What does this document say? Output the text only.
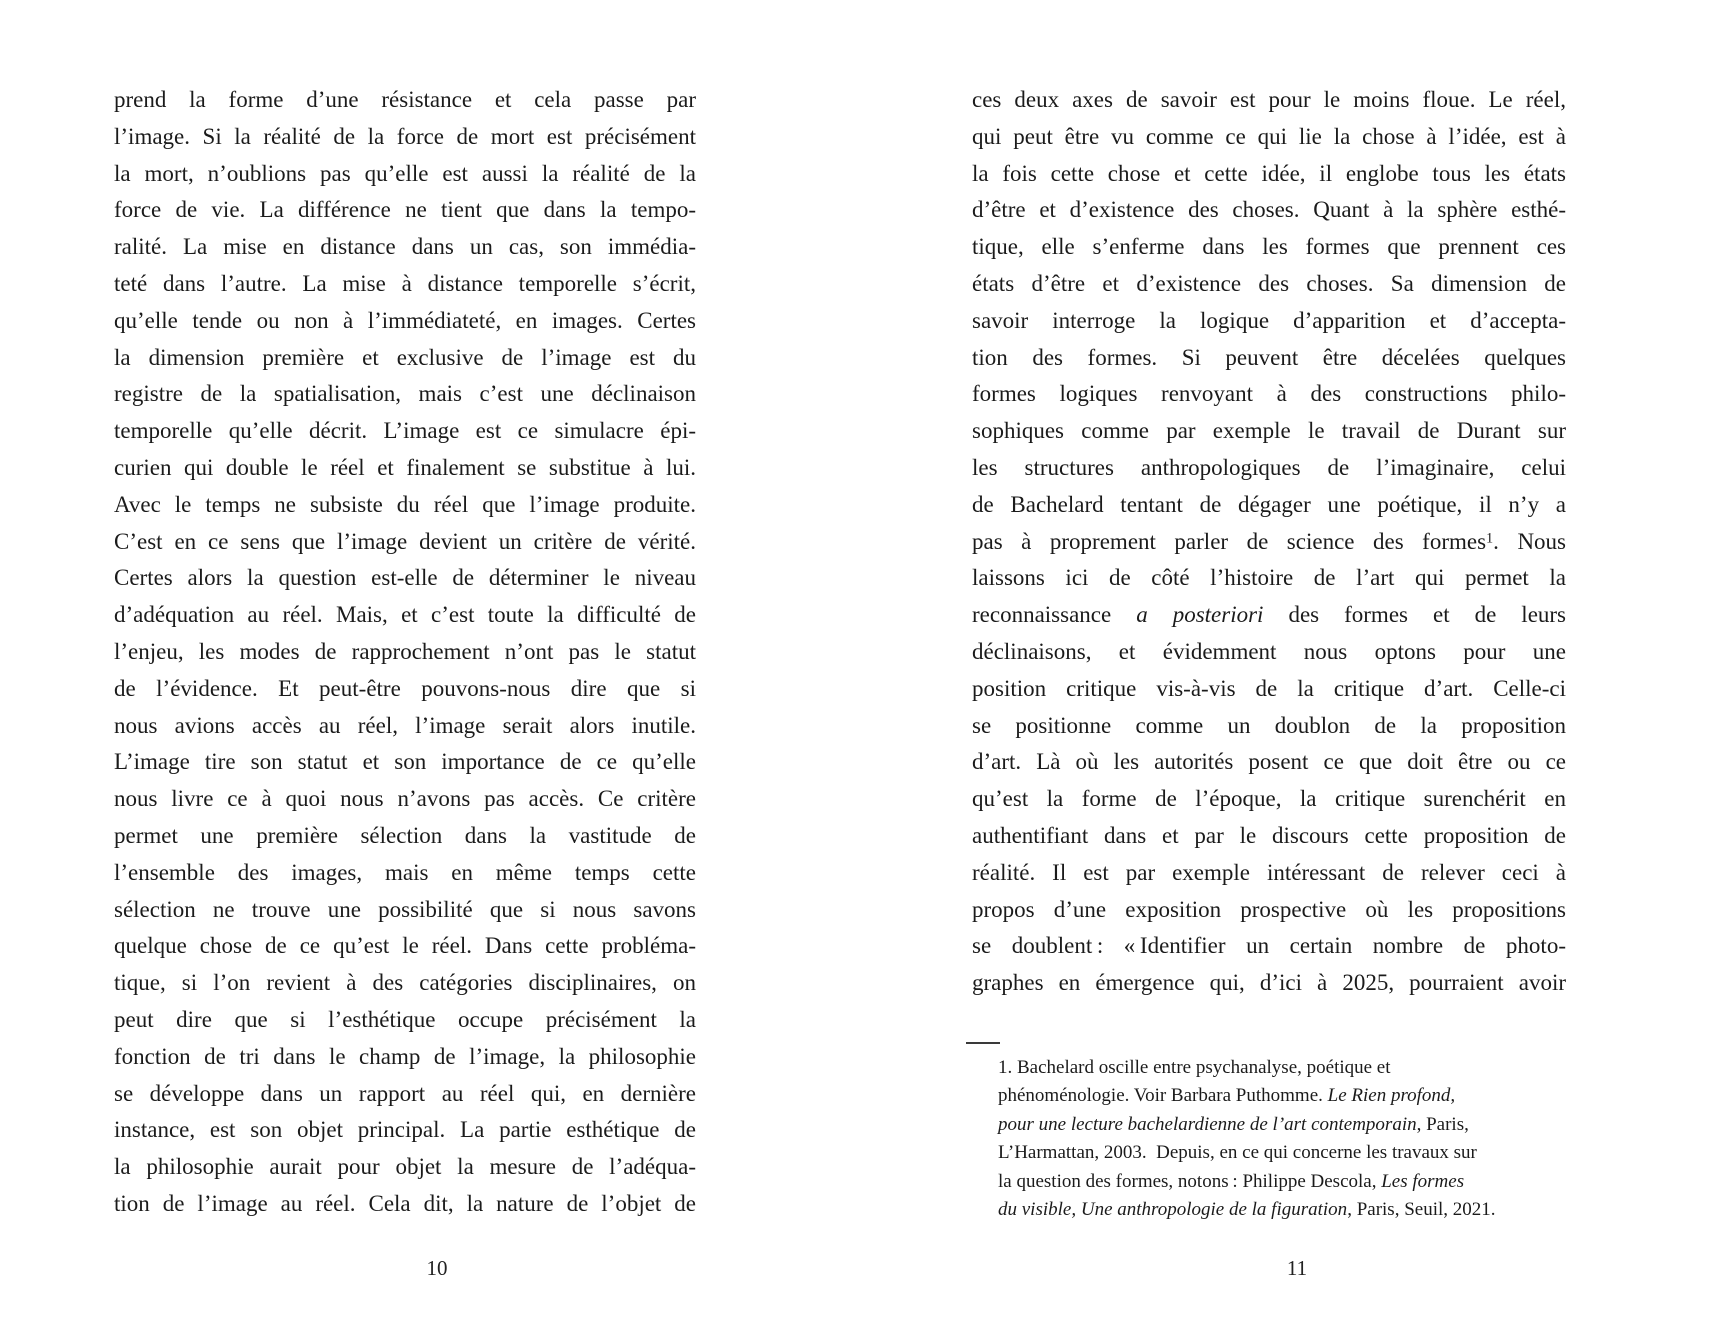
prend la forme d’une résistance et cela passe par
l’image. Si la réalité de la force de mort est précisément
la mort, n’oublions pas qu’elle est aussi la réalité de la
force de vie. La différence ne tient que dans la tempo-
ralité. La mise en distance dans un cas, son immédia-
teté dans l’autre. La mise à distance temporelle s’écrit,
qu’elle tende ou non à l’immédiateté, en images. Certes
la dimension première et exclusive de l’image est du
registre de la spatialisation, mais c’est une déclinaison
temporelle qu’elle décrit. L’image est ce simulacre épi-
curien qui double le réel et finalement se substitue à lui.
Avec le temps ne subsiste du réel que l’image produite.
C’est en ce sens que l’image devient un critère de vérité.
Certes alors la question est-elle de déterminer le niveau
d’adéquation au réel. Mais, et c’est toute la difficulté de
l’enjeu, les modes de rapprochement n’ont pas le statut
de l’évidence. Et peut-être pouvons-nous dire que si
nous avions accès au réel, l’image serait alors inutile.
L’image tire son statut et son importance de ce qu’elle
nous livre ce à quoi nous n’avons pas accès. Ce critère
permet une première sélection dans la vastitude de
l’ensemble des images, mais en même temps cette
sélection ne trouve une possibilité que si nous savons
quelque chose de ce qu’est le réel. Dans cette probléma-
tique, si l’on revient à des catégories disciplinaires, on
peut dire que si l’esthétique occupe précisément la
fonction de tri dans le champ de l’image, la philosophie
se développe dans un rapport au réel qui, en dernière
instance, est son objet principal. La partie esthétique de
la philosophie aurait pour objet la mesure de l’adéqua-
tion de l’image au réel. Cela dit, la nature de l’objet de
ces deux axes de savoir est pour le moins floue. Le réel,
qui peut être vu comme ce qui lie la chose à l’idée, est à
la fois cette chose et cette idée, il englobe tous les états
d’être et d’existence des choses. Quant à la sphère esthé-
tique, elle s’enferme dans les formes que prennent ces
états d’être et d’existence des choses. Sa dimension de
savoir interroge la logique d’apparition et d’accepta-
tion des formes. Si peuvent être décelées quelques
formes logiques renvoyant à des constructions philo-
sophiques comme par exemple le travail de Durant sur
les structures anthropologiques de l’imaginaire, celui
de Bachelard tentant de dégager une poétique, il n’y a
pas à proprement parler de science des formes$^1$. Nous
laissons ici de côté l’histoire de l’art qui permet la
reconnaissance a posteriori des formes et de leurs
déclinaisons, et évidemment nous optons pour une
position critique vis-à-vis de la critique d’art. Celle-ci
se positionne comme un doublon de la proposition
d’art. Là où les autorités posent ce que doit être ou ce
qu’est la forme de l’époque, la critique surenchérit en
authentifiant dans et par le discours cette proposition de
réalité. Il est par exemple intéressant de relever ceci à
propos d’une exposition prospective où les propositions
se doublent : « Identifier un certain nombre de photo-
graphes en émergence qui, d’ici à 2025, pourraient avoir
1. Bachelard oscille entre psychanalyse, poétique et
phénoménologie. Voir Barbara Puthomme. Le Rien profond,
pour une lecture bachelardienne de l’art contemporain, Paris,
L’Harmattan, 2003. Depuis, en ce qui concerne les travaux sur
la question des formes, notons : Philippe Descola, Les formes
du visible, Une anthropologie de la figuration, Paris, Seuil, 2021.
10	11
